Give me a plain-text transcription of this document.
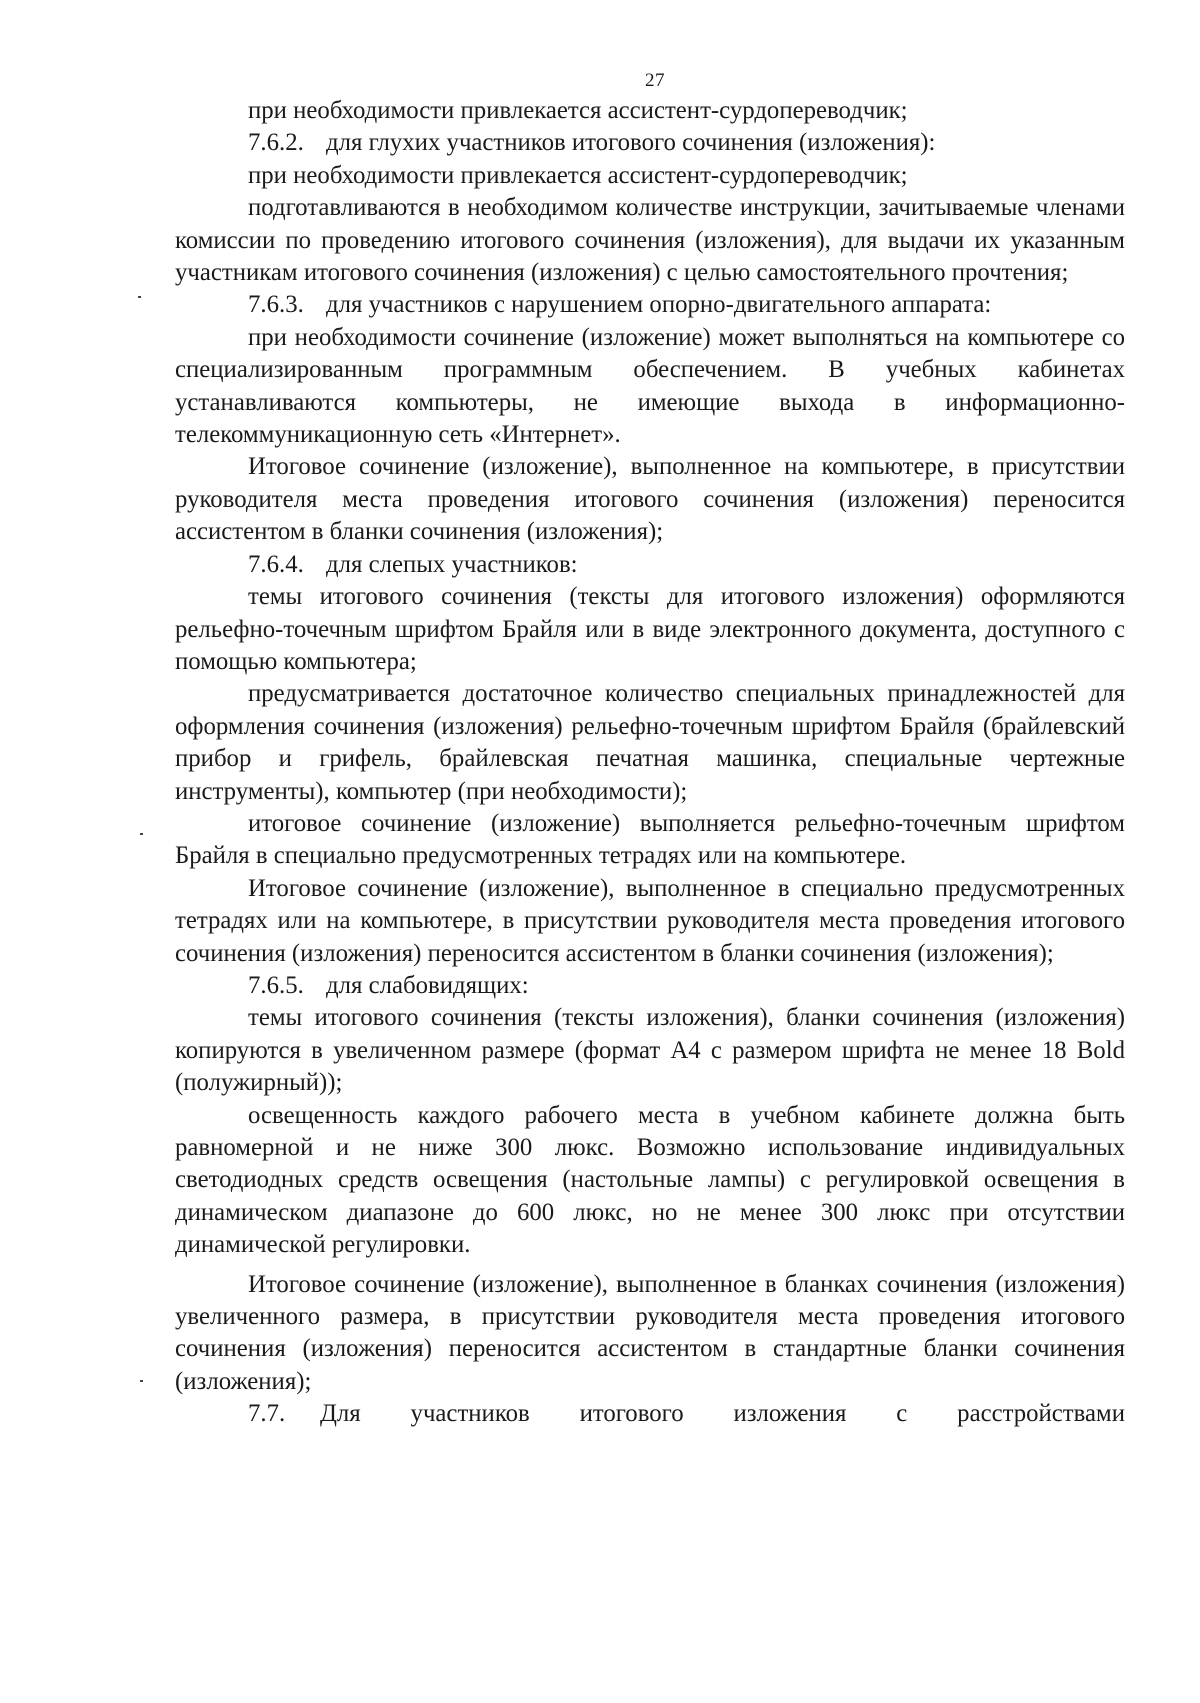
27

при необходимости привлекается ассистент-сурдопереводчик;

7.6.2. для глухих участников итогового сочинения (изложения):

при необходимости привлекается ассистент-сурдопереводчик;

подготавливаются в необходимом количестве инструкции, зачитываемые членами комиссии по проведению итогового сочинения (изложения), для выдачи их указанным участникам итогового сочинения (изложения) с целью самостоятельного прочтения;

7.6.3. для участников с нарушением опорно-двигательного аппарата:

при необходимости сочинение (изложение) может выполняться на компьютере со специализированным программным обеспечением. В учебных кабинетах устанавливаются компьютеры, не имеющие выхода в информационно-телекоммуникационную сеть «Интернет».

Итоговое сочинение (изложение), выполненное на компьютере, в присутствии руководителя места проведения итогового сочинения (изложения) переносится ассистентом в бланки сочинения (изложения);

7.6.4. для слепых участников:

темы итогового сочинения (тексты для итогового изложения) оформляются рельефно-точечным шрифтом Брайля или в виде электронного документа, доступного с помощью компьютера;

предусматривается достаточное количество специальных принадлежностей для оформления сочинения (изложения) рельефно-точечным шрифтом Брайля (брайлевский прибор и грифель, брайлевская печатная машинка, специальные чертежные инструменты), компьютер (при необходимости);

итоговое сочинение (изложение) выполняется рельефно-точечным шрифтом Брайля в специально предусмотренных тетрадях или на компьютере.

Итоговое сочинение (изложение), выполненное в специально предусмотренных тетрадях или на компьютере, в присутствии руководителя места проведения итогового сочинения (изложения) переносится ассистентом в бланки сочинения (изложения);

7.6.5. для слабовидящих:

темы итогового сочинения (тексты изложения), бланки сочинения (изложения) копируются в увеличенном размере (формат А4 с размером шрифта не менее 18 Bold (полужирный));

освещенность каждого рабочего места в учебном кабинете должна быть равномерной и не ниже 300 люкс. Возможно использование индивидуальных светодиодных средств освещения (настольные лампы) с регулировкой освещения в динамическом диапазоне до 600 люкс, но не менее 300 люкс при отсутствии динамической регулировки.

Итоговое сочинение (изложение), выполненное в бланках сочинения (изложения) увеличенного размера, в присутствии руководителя места проведения итогового сочинения (изложения) переносится ассистентом в стандартные бланки сочинения (изложения);

7.7. Для участников итогового изложения с расстройствами
